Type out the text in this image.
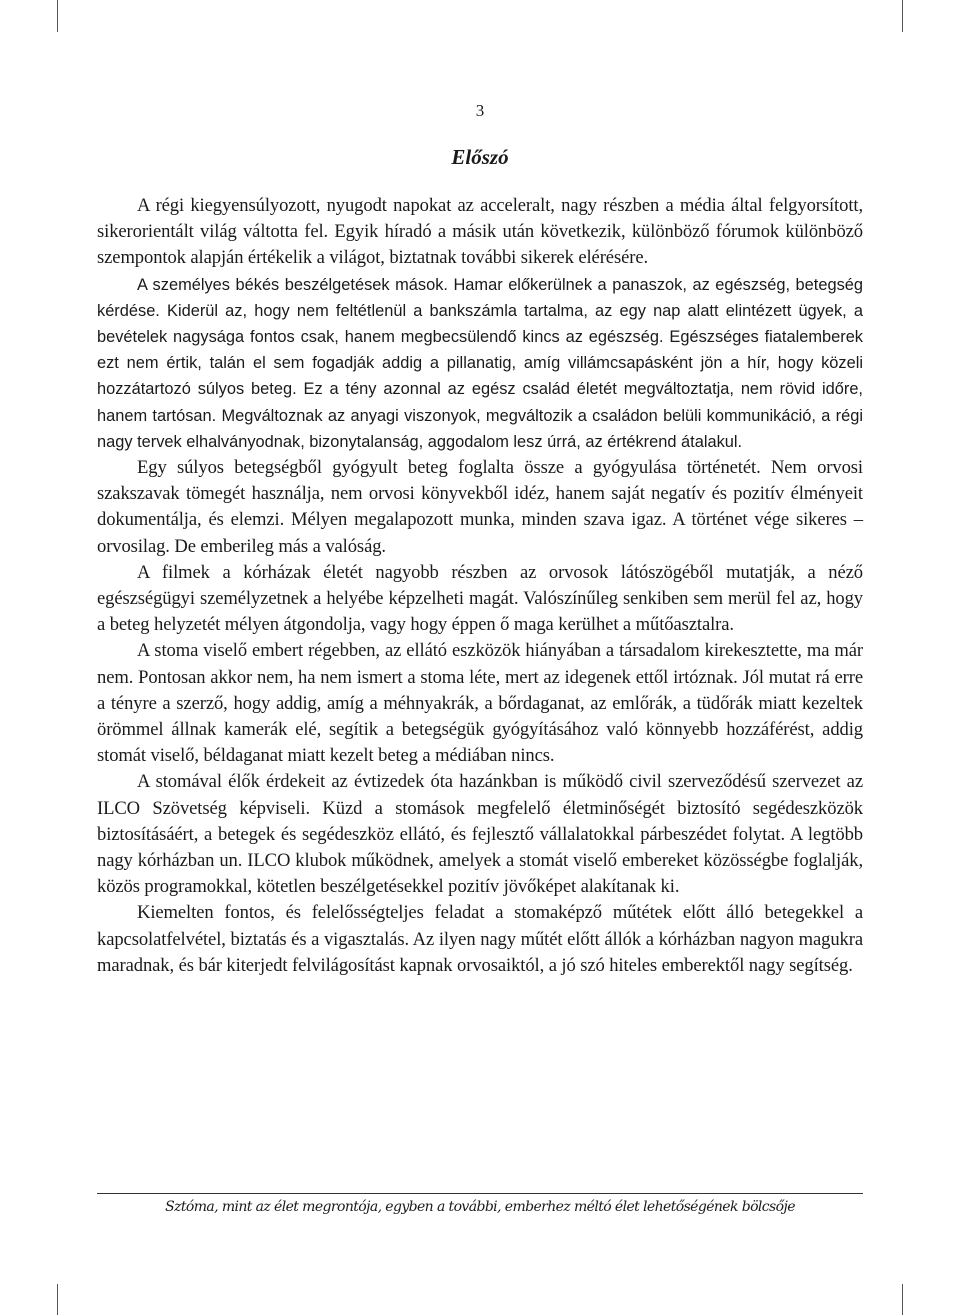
3
Előszó

A régi kiegyensúlyozott, nyugodt napokat az acceleralt, nagy részben a média által felgyorsított, sikerorientált világ váltotta fel. Egyik híradó a másik után következik, különböző fórumok különböző szempontok alapján értékelik a világot, biztatnak további sikerek elérésére.

A személyes békés beszélgetések mások. Hamar előkerülnek a panaszok, az egészség, betegség kérdése. Kiderül az, hogy nem feltétlenül a bankszámla tartalma, az egy nap alatt elintézett ügyek, a bevételek nagysága fontos csak, hanem megbecsülendő kincs az egészség. Egészséges fiatalemberek ezt nem értik, talán el sem fogadják addig a pillanatig, amíg villámcsapásként jön a hír, hogy közeli hozzátartozó súlyos beteg. Ez a tény azonnal az egész család életét megváltoztatja, nem rövid időre, hanem tartósan. Megváltoznak az anyagi viszonyok, megváltozik a családon belüli kommunikáció, a régi nagy tervek elhalványodnak, bizonytalanság, aggodalom lesz úrrá, az értékrend átalakul.

Egy súlyos betegségből gyógyult beteg foglalta össze a gyógyulása történetét. Nem orvosi szakszavak tömegét használja, nem orvosi könyvekből idéz, hanem saját negatív és pozitív élményeit dokumentálja, és elemzi. Mélyen megalapozott munka, minden szava igaz. A történet vége sikeres – orvosilag. De emberileg más a valóság.

A filmek a kórházak életét nagyobb részben az orvosok látószögéből mutatják, a néző egészségügyi személyzetnek a helyébe képzelheti magát. Valószínűleg senkiben sem merül fel az, hogy a beteg helyzetét mélyen átgondolja, vagy hogy éppen ő maga kerülhet a műtőasztalra.

A stoma viselő embert régebben, az ellátó eszközök hiányában a társadalom kirekesztette, ma már nem. Pontosan akkor nem, ha nem ismert a stoma léte, mert az idegenek ettől irtóznak. Jól mutat rá erre a tényre a szerző, hogy addig, amíg a méhnyakrák, a bőrdaganat, az emlőrák, a tüdőrák miatt kezeltek örömmel állnak kamerák elé, segítik a betegségük gyógyításához való könnyebb hozzáférést, addig stomát viselő, béldaganat miatt kezelt beteg a médiában nincs.

A stomával élők érdekeit az évtizedek óta hazánkban is működő civil szerveződésű szervezet az ILCO Szövetség képviseli. Küzd a stomások megfelelő életminőségét biztosító segédeszközök biztosításáért, a betegek és segédeszköz ellátó, és fejlesztő vállalatokkal párbeszédet folytat. A legtöbb nagy kórházban un. ILCO klubok működnek, amelyek a stomát viselő embereket közösségbe foglalják, közös programokkal, kötetlen beszélgetésekkel pozitív jövőképet alakítanak ki.

Kiemelten fontos, és felelősségteljes feladat a stomaképző műtétek előtt álló betegekkel a kapcsolatfelvétel, biztatás és a vigasztalás. Az ilyen nagy műtét előtt állók a kórházban nagyon magukra maradnak, és bár kiterjedt felvilágosítást kapnak orvosaiktól, a jó szó hiteles emberektől nagy segítség.

Sztóma, mint az élet megrontója, egyben a további, emberhez méltó élet lehetőségének bölcsője
